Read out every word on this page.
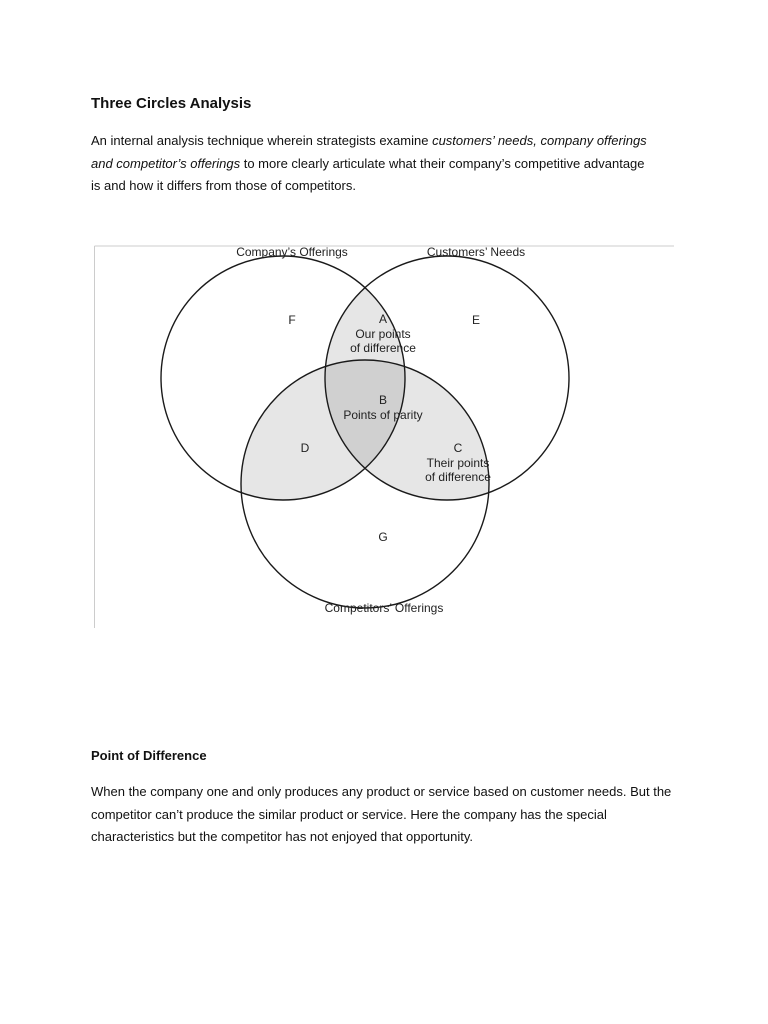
Three Circles Analysis

An internal analysis technique wherein strategists examine customers’ needs, company offerings and competitor’s offerings to more clearly articulate what their company’s competitive advantage is and how it differs from those of competitors.

Company’s Offerings	Customers’ Needs
Competitors’ Offerings
F	E
G
A
Our points
of difference
B
Points of parity
D	C
Their points
of difference
Point of Difference

When the company one and only produces any product or service based on customer needs. But the competitor can’t produce the similar product or service. Here the company has the special characteristics but the competitor has not enjoyed that opportunity.
